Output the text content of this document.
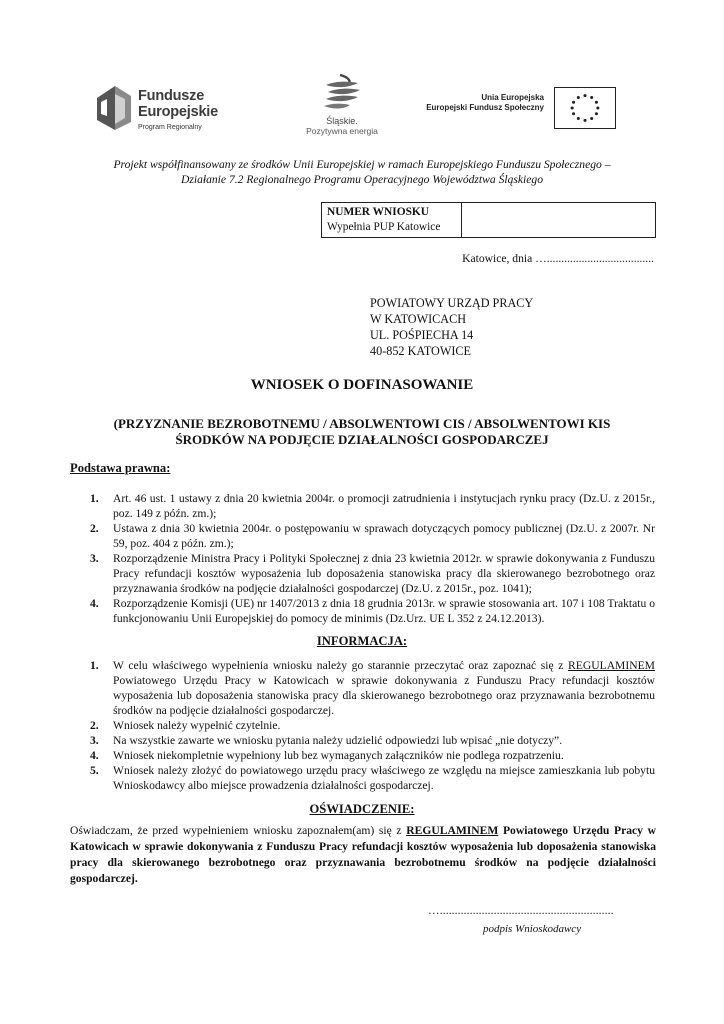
Fundusze
Europejskie
Program Regionalny
Śląskie.
Pozytywna energia
Unia Europejska
Europejski Fundusz Społeczny
Projekt współfinansowany ze środków Unii Europejskiej w ramach Europejskiego Funduszu Społecznego –
Działanie 7.2 Regionalnego Programu Operacyjnego Województwa Śląskiego
NUMER WNIOSKU
Wypełnia PUP Katowice
Katowice, dnia ….....................................
POWIATOWY URZĄD PRACY
W KATOWICACH
UL. POŚPIECHA 14
40-852 KATOWICE
WNIOSEK O DOFINASOWANIE
(PRZYZNANIE BEZROBOTNEMU / ABSOLWENTOWI CIS / ABSOLWENTOWI KIS
ŚRODKÓW NA PODJĘCIE DZIAŁALNOŚCI GOSPODARCZEJ
Podstawa prawna:
1. Art. 46 ust. 1 ustawy z dnia 20 kwietnia 2004r. o promocji zatrudnienia i instytucjach rynku pracy (Dz.U. z 2015r., poz. 149 z późn. zm.);
2. Ustawa z dnia 30 kwietnia 2004r. o postępowaniu w sprawach dotyczących pomocy publicznej (Dz.U. z 2007r. Nr 59, poz. 404 z późn. zm.);
3. Rozporządzenie Ministra Pracy i Polityki Społecznej z dnia 23 kwietnia 2012r. w sprawie dokonywania z Funduszu Pracy refundacji kosztów wyposażenia lub doposażenia stanowiska pracy dla skierowanego bezrobotnego oraz przyznawania środków na podjęcie działalności gospodarczej (Dz.U. z 2015r., poz. 1041);
4. Rozporządzenie Komisji (UE) nr 1407/2013 z dnia 18 grudnia 2013r. w sprawie stosowania art. 107 i 108 Traktatu o funkcjonowaniu Unii Europejskiej do pomocy de minimis (Dz.Urz. UE L 352 z 24.12.2013).
INFORMACJA:
1. W celu właściwego wypełnienia wniosku należy go starannie przeczytać oraz zapoznać się z REGULAMINEM Powiatowego Urzędu Pracy w Katowicach w sprawie dokonywania z Funduszu Pracy refundacji kosztów wyposażenia lub doposażenia stanowiska pracy dla skierowanego bezrobotnego oraz przyznawania bezrobotnemu środków na podjęcie działalności gospodarczej.
2. Wniosek należy wypełnić czytelnie.
3. Na wszystkie zawarte we wniosku pytania należy udzielić odpowiedzi lub wpisać „nie dotyczy”.
4. Wniosek niekompletnie wypełniony lub bez wymaganych załączników nie podlega rozpatrzeniu.
5. Wniosek należy złożyć do powiatowego urzędu pracy właściwego ze względu na miejsce zamieszkania lub pobytu Wnioskodawcy albo miejsce prowadzenia działalności gospodarczej.
OŚWIADCZENIE:
Oświadczam, że przed wypełnieniem wniosku zapoznałem(am) się z REGULAMINEM Powiatowego Urzędu Pracy w Katowicach w sprawie dokonywania z Funduszu Pracy refundacji kosztów wyposażenia lub doposażenia stanowiska pracy dla skierowanego bezrobotnego oraz przyznawania bezrobotnemu środków na podjęcie działalności gospodarczej.
…..........................................................
podpis Wnioskodawcy
